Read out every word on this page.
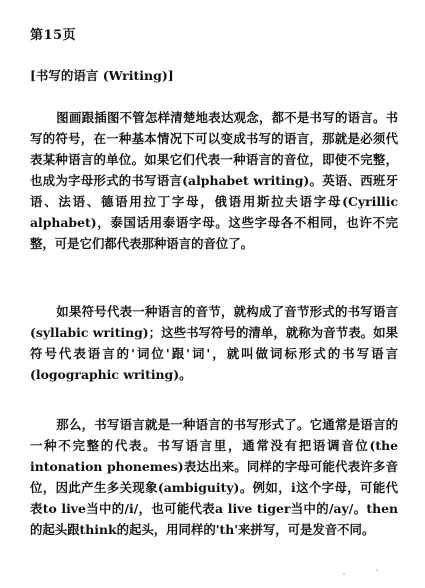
第15页
[书写的语言 (Writing)]
图画跟插图不管怎样清楚地表达观念，都不是书写的语言。书写的符号，在一种基本情况下可以变成书写的语言，那就是必须代表某种语言的单位。如果它们代表一种语言的音位，即使不完整，也成为字母形式的书写语言(alphabet writing)。英语、西班牙语、法语、德语用拉丁字母，俄语用斯拉夫语字母(Cyrillic alphabet)，泰国话用泰语字母。这些字母各不相同，也许不完整，可是它们都代表那种语言的音位了。
如果符号代表一种语言的音节，就构成了音节形式的书写语言(syllabic writing)；这些书写符号的清单，就称为音节表。如果符号代表语言的'词位'跟'词'，就叫做词标形式的书写语言(logographic writing)。
那么，书写语言就是一种语言的书写形式了。它通常是语言的一种不完整的代表。书写语言里，通常没有把语调音位(the intonation phonemes)表达出来。同样的字母可能代表许多音位，因此产生多关现象(ambiguity)。例如，i这个字母，可能代表to live当中的/i/，也可能代表a live tiger当中的/ay/。then的起头跟think的起头，用同样的'th'来拼写，可是发音不同。
